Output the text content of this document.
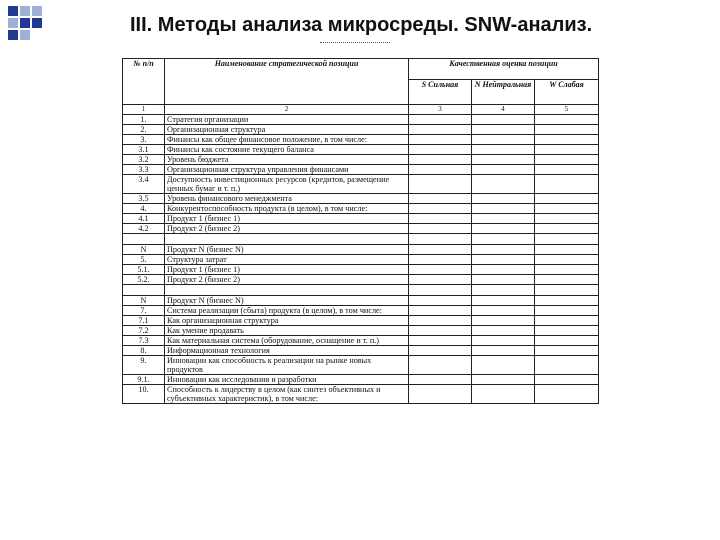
III. Методы анализа микросреды. SNW-анализ.
№ п/п	Наименование стратегической позиции	Качественная оценка позиции		
		S Сильная	N Нейтральная	W Слабая
1	2	3	4	5
1.	Стратегия организации			
2.	Организационная структура			
3.	Финансы как общее финансовое положение, в том числе:			
3.1	Финансы как состояние текущего баланса			
3.2	Уровень бюджета			
3.3	Организационная структура управления финансами			
3.4	Доступность инвестиционных ресурсов (кредитов, размещение ценных бумаг и т. п.)			
3.5	Уровень финансового менеджмента			
4.	Конкурентоспособность продукта (в целом), в том числе:			
4.1	Продукт 1 (бизнес 1)			
4.2	Продукт 2 (бизнес 2)			

N	Продукт N (бизнес N)			
5.	Структура затрат			
5.1.	Продукт 1 (бизнес 1)			
5.2.	Продукт 2 (бизнес 2)			

N	Продукт N (бизнес N)			
7.	Система реализации (сбыта) продукта (в целом), в том числе:			
7.1	Как организационная структура			
7.2	Как умение продавать			
7.3	Как материальная система (оборудование, оснащение и т. п.)			
8.	Информационная технология			
9.	Инновации как способность к реализации на рынке новых продуктов			
9.1.	Инновации как исследования и разработки			
10.	Способность к лидерству в целом (как синтез объективных и субъективных характеристик), в том числе:			
